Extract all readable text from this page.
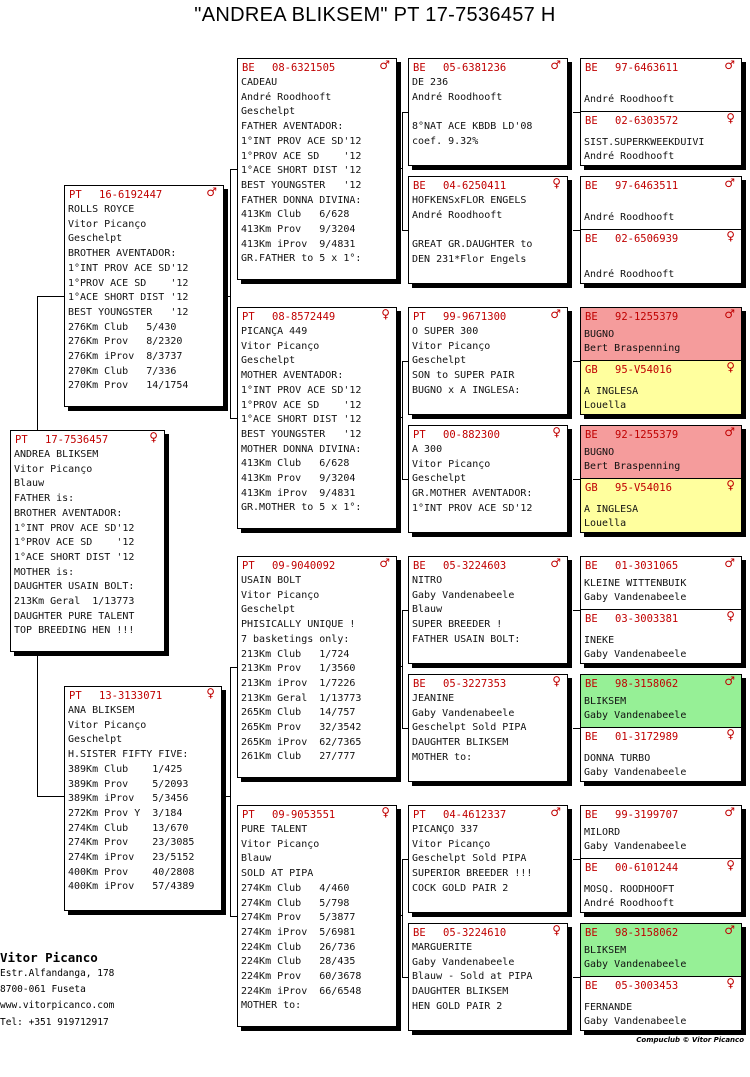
"ANDREA BLIKSEM" PT 17-7536457 H
PT	17-7536457	♀
ANDREA BLIKSEM
Vitor Picanço
Blauw
FATHER is:
BROTHER AVENTADOR:
1°INT PROV ACE SD'12
1°PROV ACE SD    '12
1°ACE SHORT DIST '12
MOTHER is:
DAUGHTER USAIN BOLT:
213Km Geral  1/13773
DAUGHTER PURE TALENT
TOP BREEDING HEN !!!
PT	16-6192447	♂
ROLLS ROYCE
Vitor Picanço
Geschelpt
BROTHER AVENTADOR:
1°INT PROV ACE SD'12
1°PROV ACE SD    '12
1°ACE SHORT DIST '12
BEST YOUNGSTER   '12
276Km Club   5/430
276Km Prov   8/2320
276Km iProv  8/3737
270Km Club   7/336
270Km Prov   14/1754
PT	13-3133071	♀
ANA BLIKSEM
Vitor Picanço
Geschelpt
H.SISTER FIFTY FIVE:
389Km Club    1/425
389Km Prov    5/2093
389Km iProv   5/3456
272Km Prov Y  3/184
274Km Club    13/670
274Km Prov    23/3085
274Km iProv   23/5152
400Km Prov    40/2808
400Km iProv   57/4389
BE	08-6321505	♂
CADEAU
André Roodhooft
Geschelpt
FATHER AVENTADOR:
1°INT PROV ACE SD'12
1°PROV ACE SD    '12
1°ACE SHORT DIST '12
BEST YOUNGSTER   '12
FATHER DONNA DIVINA:
413Km Club   6/628
413Km Prov   9/3204
413Km iProv  9/4831
GR.FATHER to 5 x 1°:
PT	08-8572449	♀
PICANÇA 449
Vitor Picanço
Geschelpt
MOTHER AVENTADOR:
1°INT PROV ACE SD'12
1°PROV ACE SD    '12
1°ACE SHORT DIST '12
BEST YOUNGSTER   '12
MOTHER DONNA DIVINA:
413Km Club   6/628
413Km Prov   9/3204
413Km iProv  9/4831
GR.MOTHER to 5 x 1°:
PT	09-9040092	♂
USAIN BOLT
Vitor Picanço
Geschelpt
PHISICALLY UNIQUE !
7 basketings only:
213Km Club   1/724
213Km Prov   1/3560
213Km iProv  1/7226
213Km Geral  1/13773
265Km Club   14/757
265Km Prov   32/3542
265Km iProv  62/7365
261Km Club   27/777
PT	09-9053551	♀
PURE TALENT
Vitor Picanço
Blauw
SOLD AT PIPA
274Km Club   4/460
274Km Club   5/798
274Km Prov   5/3877
274Km iProv  5/6981
224Km Club   26/736
224Km Club   28/435
224Km Prov   60/3678
224Km iProv  66/6548
MOTHER to:
BE	05-6381236	♂
DE 236
André Roodhooft

8°NAT ACE KBDB LD'08
coef. 9.32%
BE	04-6250411	♀
HOFKENSxFLOR ENGELS
André Roodhooft

GREAT GR.DAUGHTER to
DEN 231*Flor Engels
PT	99-9671300	♂
O SUPER 300
Vitor Picanço
Geschelpt
SON to SUPER PAIR
BUGNO x A INGLESA:
PT	00-882300	♀
A 300
Vitor Picanço
Geschelpt
GR.MOTHER AVENTADOR:
1°INT PROV ACE SD'12
BE	05-3224603	♂
NITRO
Gaby Vandenabeele
Blauw
SUPER BREEDER !
FATHER USAIN BOLT:
BE	05-3227353	♀
JEANINE
Gaby Vandenabeele
Geschelpt Sold PIPA
DAUGHTER BLIKSEM
MOTHER to:
PT	04-4612337	♂
PICANÇO 337
Vitor Picanço
Geschelpt Sold PIPA
SUPERIOR BREEDER !!!
COCK GOLD PAIR 2
BE	05-3224610	♀
MARGUERITE
Gaby Vandenabeele
Blauw - Sold at PIPA
DAUGHTER BLIKSEM
HEN GOLD PAIR 2
BE	97-6463611	♂
André Roodhooft
BE	02-6303572	♀
SIST.SUPERKWEEKDUIVI
André Roodhooft
BE	97-6463511	♂
André Roodhooft
BE	02-6506939	♀
André Roodhooft
BE	92-1255379	♂
BUGNO
Bert Braspenning
GB	95-V54016	♀
A INGLESA
Louella
BE	92-1255379	♂
BUGNO
Bert Braspenning
GB	95-V54016	♀
A INGLESA
Louella
BE	01-3031065	♂
KLEINE WITTENBUIK
Gaby Vandenabeele
BE	03-3003381	♀
INEKE
Gaby Vandenabeele
BE	98-3158062	♂
BLIKSEM
Gaby Vandenabeele
BE	01-3172989	♀
DONNA TURBO
Gaby Vandenabeele
BE	99-3199707	♂
MILORD
Gaby Vandenabeele
BE	00-6101244	♀
MOSQ. ROODHOOFT
André Roodhooft
BE	98-3158062	♂
BLIKSEM
Gaby Vandenabeele
BE	05-3003453	♀
FERNANDE
Gaby Vandenabeele
Vitor Picanco
Estr.Alfandanga, 178
8700-061 Fuseta
www.vitorpicanco.com
Tel: +351 919712917
Compuclub © Vitor Picanco
